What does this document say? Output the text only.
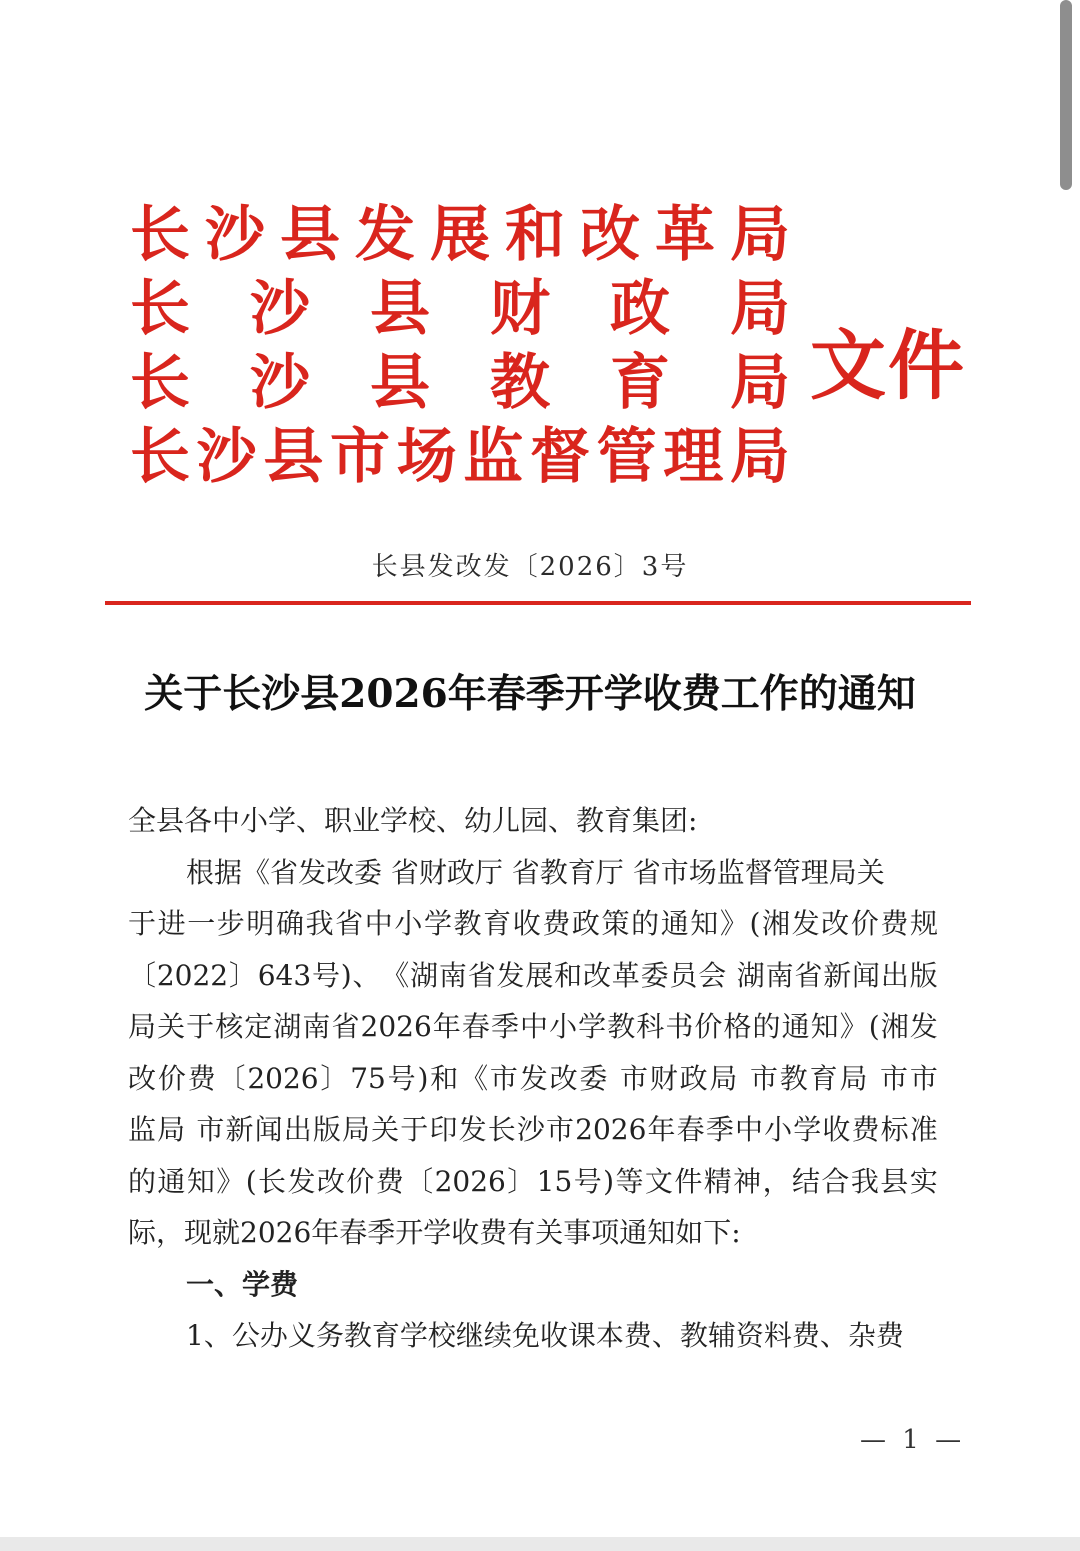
长 沙 县 发 展 和 改 革 局
长 沙 县 财 政 局
长 沙 县 教 育 局
长 沙 县 市 场 监 督 管 理 局
文件
长县发改发〔2026〕3号
关于长沙县2026年春季开学收费工作的通知

全县各中小学、职业学校、幼儿园、教育集团:

根据《省发改委 省财政厅 省教育厅 省市场监督管理局关

于 进 一 步 明 确 我 省 中 小 学 教 育 收 费 政 策 的 通 知 》 ( 湘 发 改 价 费 规

〔 2022 〕 643 号 ) 、 《 湖 南 省 发 展 和 改 革 委 员 会
湖 南 省 新 闻 出 版

局 关 于 核 定 湖 南 省 2026 年 春 季 中 小 学 教 科 书 价 格 的 通 知 》 ( 湘 发

改 价 费 〔 2026 〕 75 号 ) 和 《 市 发 改 委
市 财 政 局
市 教 育 局
市 市

监 局
市 新 闻 出 版 局 关 于 印 发 长 沙 市 2026 年 春 季 中 小 学 收 费 标 准

的 通 知 》 ( 长 发 改 价 费 〔 2026 〕 15 号 ) 等 文 件 精 神 ， 结 合 我 县 实

际，现就2026年春季开学收费有关事项通知如下:

一、学费

1、公办义务教育学校继续免收课本费、教辅资料费、杂费

— 1 —
